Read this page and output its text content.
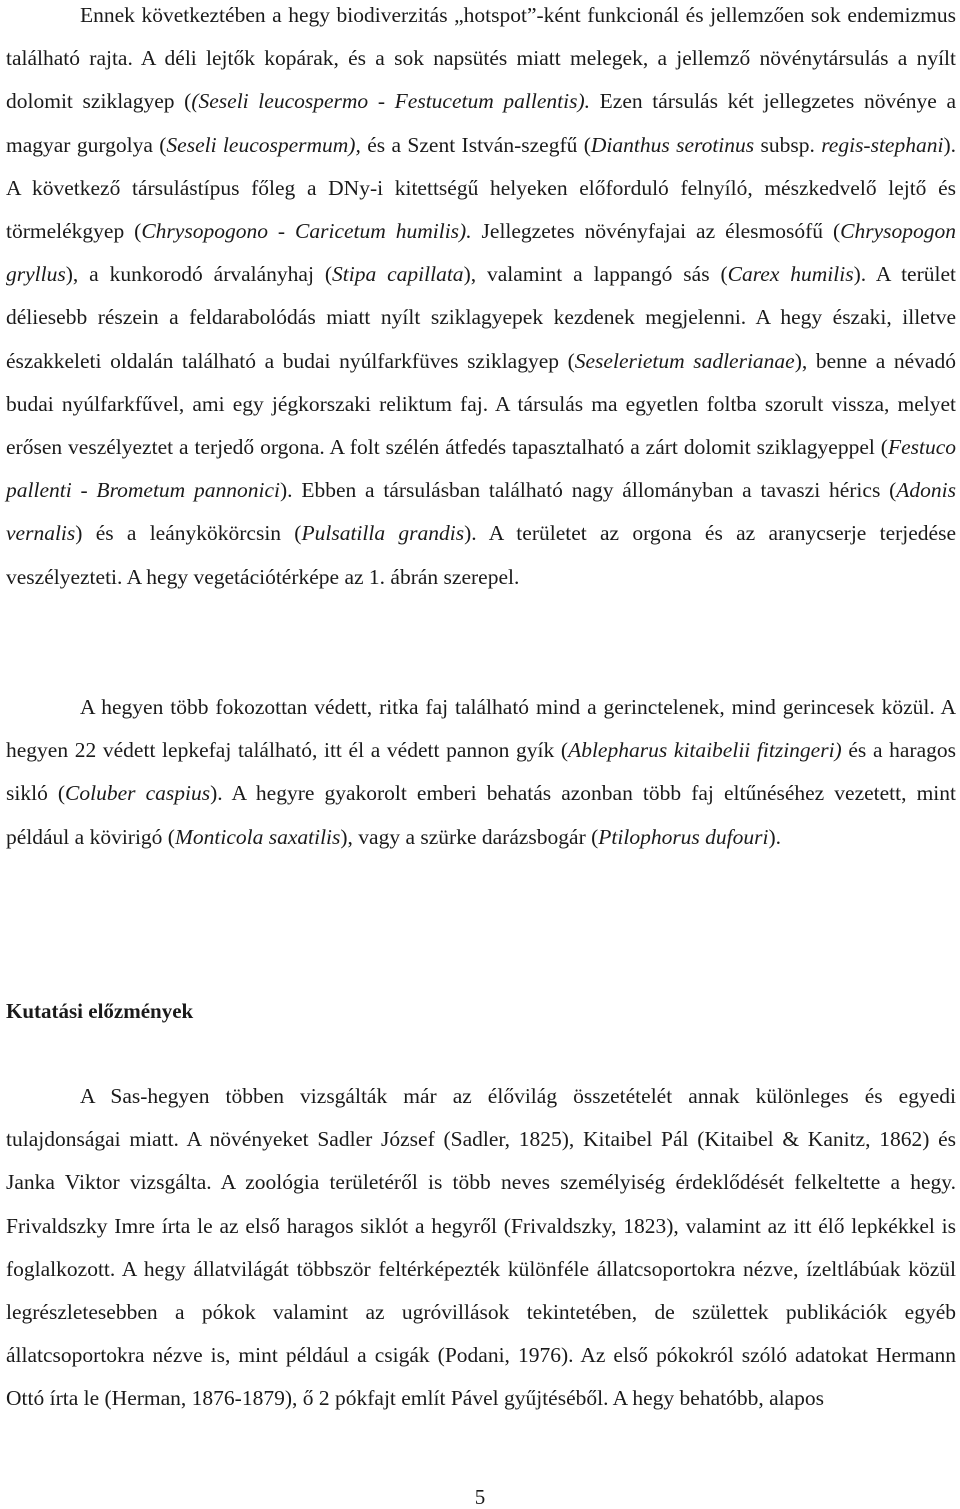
Ennek következtében a hegy biodiverzitás „hotspot”-ként funkcionál és jellemzően sok endemizmus található rajta. A déli lejtők kopárak, és a sok napsütés miatt melegek, a jellemző növénytársulás a nyílt dolomit sziklagyep ((Seseli leucospermo - Festucetum pallentis). Ezen társulás két jellegzetes növénye a magyar gurgolya (Seseli leucospermum), és a Szent István-szegfű (Dianthus serotinus subsp. regis-stephani). A következő társulástípus főleg a DNy-i kitettségű helyeken előforduló felnyíló, mészkedvelő lejtő és törmelékgyep (Chrysopogono - Caricetum humilis). Jellegzetes növényfajai az élesmosófű (Chrysopogon gryllus), a kunkorodó árvalányhaj (Stipa capillata), valamint a lappangó sás (Carex humilis). A terület déliesebb részein a feldarabolódás miatt nyílt sziklagyepek kezdenek megjelenni. A hegy északi, illetve északkeleti oldalán található a budai nyúlfarkfüves sziklagyep (Seselerietum sadlerianae), benne a névadó budai nyúlfarkfűvel, ami egy jégkorszaki reliktum faj. A társulás ma egyetlen foltba szorult vissza, melyet erősen veszélyeztet a terjedő orgona. A folt szélén átfedés tapasztalható a zárt dolomit sziklagyeppel (Festuco pallenti - Brometum pannonici). Ebben a társulásban található nagy állományban a tavaszi hérics (Adonis vernalis) és a leánykökörcsin (Pulsatilla grandis). A területet az orgona és az aranycserje terjedése veszélyezteti. A hegy vegetációtérképe az 1. ábrán szerepel.

A hegyen több fokozottan védett, ritka faj található mind a gerinctelenek, mind gerincesek közül. A hegyen 22 védett lepkefaj található, itt él a védett pannon gyík (Ablepharus kitaibelii fitzingeri) és a haragos sikló (Coluber caspius). A hegyre gyakorolt emberi behatás azonban több faj eltűnéséhez vezetett, mint például a kövirigó (Monticola saxatilis), vagy a szürke darázsbogár (Ptilophorus dufouri).

Kutatási előzmények

A Sas-hegyen többen vizsgálták már az élővilág összetételét annak különleges és egyedi tulajdonságai miatt. A növényeket Sadler József (Sadler, 1825), Kitaibel Pál (Kitaibel & Kanitz, 1862) és Janka Viktor vizsgálta. A zoológia területéről is több neves személyiség érdeklődését felkeltette a hegy. Frivaldszky Imre írta le az első haragos siklót a hegyről (Frivaldszky, 1823), valamint az itt élő lepkékkel is foglalkozott. A hegy állatvilágát többször feltérképezték különféle állatcsoportokra nézve, ízeltlábúak közül legrészletesebben a pókok valamint az ugróvillások tekintetében, de születtek publikációk egyéb állatcsoportokra nézve is, mint például a csigák (Podani, 1976). Az első pókokról szóló adatokat Hermann Ottó írta le (Herman, 1876-1879), ő 2 pókfajt említ Pável gyűjtéséből. A hegy behatóbb, alapos

5
